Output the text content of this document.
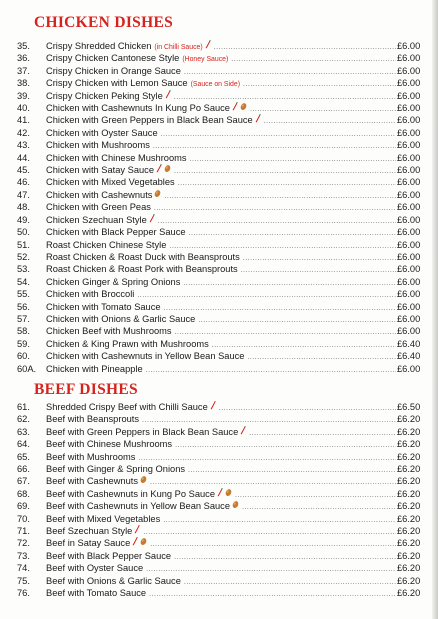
CHICKEN DISHES
35.	Crispy Shredded Chicken (in Chilli Sauce) .....	£6.00
36.	Crispy Chicken Cantonese Style (Honey Sauce) .....	£6.00
37.	Crispy Chicken in Orange Sauce .....	£6.00
38.	Crispy Chicken with Lemon Sauce (Sauce on Side) .....	£6.00
39.	Crispy Chicken Peking Style .....	£6.00
40.	Chicken with Cashewnuts In Kung Po Sauce .....	£6.00
41.	Chicken with Green Peppers in Black Bean Sauce .....	£6.00
42.	Chicken with Oyster Sauce .....	£6.00
43.	Chicken with Mushrooms .....	£6.00
44.	Chicken with Chinese Mushrooms .....	£6.00
45.	Chicken with Satay Sauce .....	£6.00
46.	Chicken with Mixed Vegetables .....	£6.00
47.	Chicken with Cashewnuts .....	£6.00
48.	Chicken with Green Peas .....	£6.00
49.	Chicken Szechuan Style .....	£6.00
50.	Chicken with Black Pepper Sauce .....	£6.00
51.	Roast Chicken Chinese Style .....	£6.00
52.	Roast Chicken & Roast Duck with Beansprouts .....	£6.00
53.	Roast Chicken & Roast Pork with Beansprouts .....	£6.00
54.	Chicken Ginger & Spring Onions .....	£6.00
55.	Chicken with Broccoli .....	£6.00
56.	Chicken with Tomato Sauce .....	£6.00
57.	Chicken with Onions & Garlic Sauce .....	£6.00
58.	Chicken Beef with Mushrooms .....	£6.00
59.	Chicken & King Prawn with Mushrooms .....	£6.40
60.	Chicken with Cashewnuts in Yellow Bean Sauce .....	£6.40
60A.	Chicken with Pineapple .....	£6.00
BEEF DISHES
61.	Shredded Crispy Beef with Chilli Sauce .....	£6.50
62.	Beef with Beansprouts .....	£6.20
63.	Beef with Green Peppers in Black Bean Sauce .....	£6.20
64.	Beef with Chinese Mushrooms .....	£6.20
65.	Beef with Mushrooms .....	£6.20
66.	Beef with Ginger & Spring Onions .....	£6.20
67.	Beef with Cashewnuts .....	£6.20
68.	Beef with Cashewnuts in Kung Po Sauce .....	£6.20
69.	Beef with Cashewnuts in Yellow Bean Sauce .....	£6.20
70.	Beef with Mixed Vegetables .....	£6.20
71.	Beef Szechuan Style .....	£6.20
72.	Beef in Satay Sauce .....	£6.20
73.	Beef with Black Pepper Sauce .....	£6.20
74.	Beef with Oyster Sauce .....	£6.20
75.	Beef with Onions & Garlic Sauce .....	£6.20
76.	Beef with Tomato Sauce .....	£6.20
